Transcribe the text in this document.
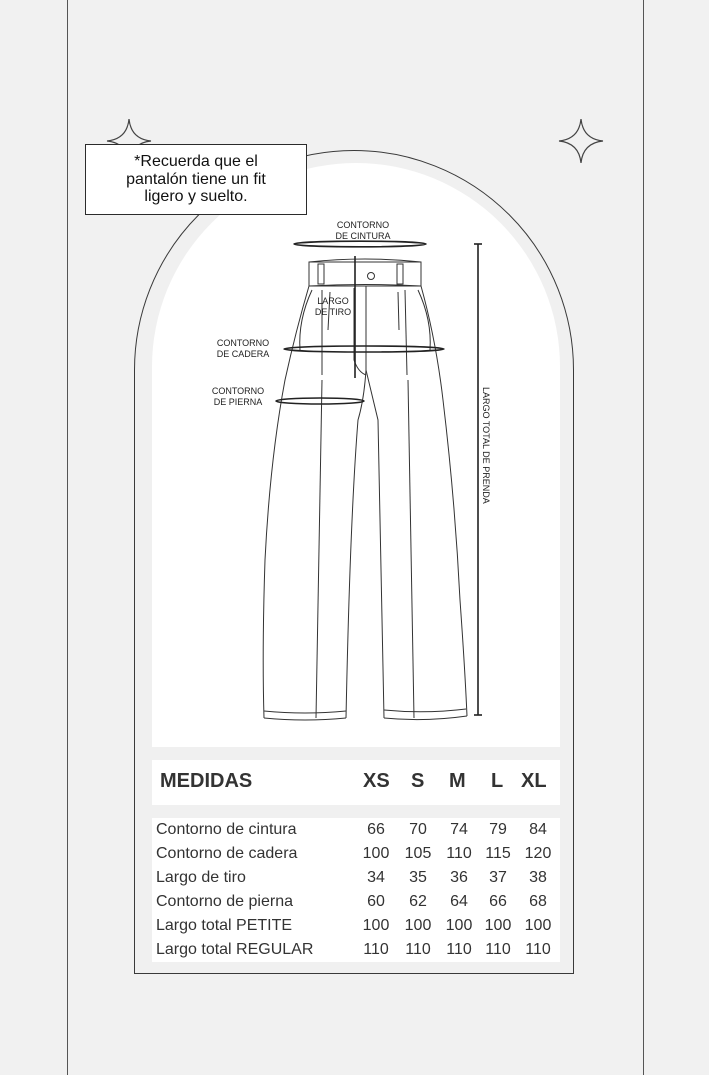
*Recuerda que el
pantalón tiene un fit
ligero y suelto.
CONTORNO
DE CINTURA
LARGO
DE TIRO
CONTORNO
DE CADERA
CONTORNO
DE PIERNA	LARGO TOTAL DE PRENDA
MEDIDAS	XS S M L XL
Contorno de cintura	66	70	74	79	84
Contorno de cadera	100 105 110 115 120
Largo de tiro	34	35	36	37	38
Contorno de pierna	60	62	64	66	68
Largo total PETITE	100 100 100 100 100
Largo total REGULAR	110	110 110 110 110
